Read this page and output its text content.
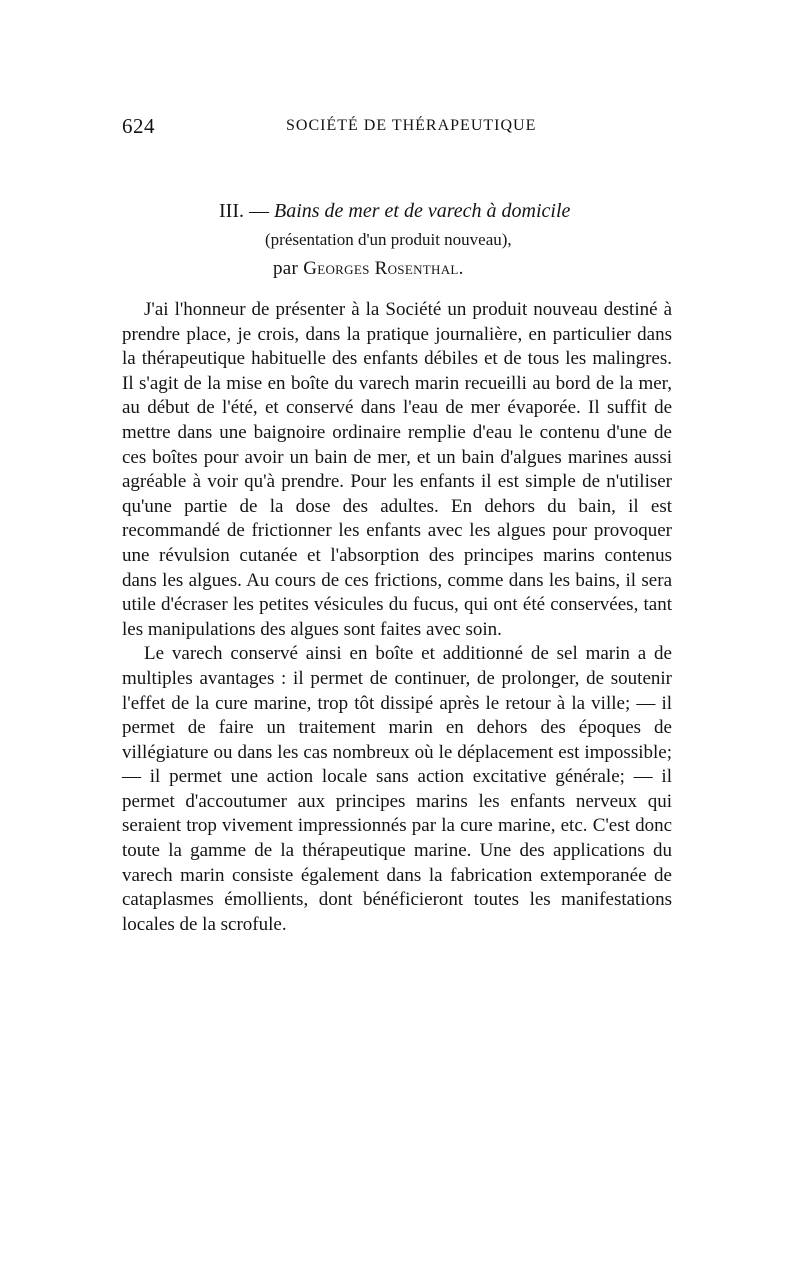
624	SOCIÉTÉ DE THÉRAPEUTIQUE
III. — Bains de mer et de varech à domicile
(présentation d'un produit nouveau),
par Georges Rosenthal.

J'ai l'honneur de présenter à la Société un produit nouveau destiné à prendre place, je crois, dans la pratique journalière, en particulier dans la thérapeutique habituelle des enfants débiles et de tous les malingres. Il s'agit de la mise en boîte du varech marin recueilli au bord de la mer, au début de l'été, et conservé dans l'eau de mer évaporée. Il suffit de mettre dans une baignoire ordinaire remplie d'eau le contenu d'une de ces boîtes pour avoir un bain de mer, et un bain d'algues marines aussi agréable à voir qu'à prendre. Pour les enfants il est simple de n'utiliser qu'une partie de la dose des adultes. En dehors du bain, il est recommandé de frictionner les enfants avec les algues pour provoquer une révulsion cutanée et l'absorption des principes marins contenus dans les algues. Au cours de ces frictions, comme dans les bains, il sera utile d'écraser les petites vésicules du fucus, qui ont été conservées, tant les manipulations des algues sont faites avec soin.

Le varech conservé ainsi en boîte et additionné de sel marin a de multiples avantages : il permet de continuer, de prolonger, de soutenir l'effet de la cure marine, trop tôt dissipé après le retour à la ville; — il permet de faire un traitement marin en dehors des époques de villégiature ou dans les cas nombreux où le déplacement est impossible; — il permet une action locale sans action excitative générale; — il permet d'accoutumer aux principes marins les enfants nerveux qui seraient trop vivement impressionnés par la cure marine, etc. C'est donc toute la gamme de la thérapeutique marine. Une des applications du varech marin consiste également dans la fabrication extemporanée de cataplasmes émollients, dont bénéficieront toutes les manifestations locales de la scrofule.
